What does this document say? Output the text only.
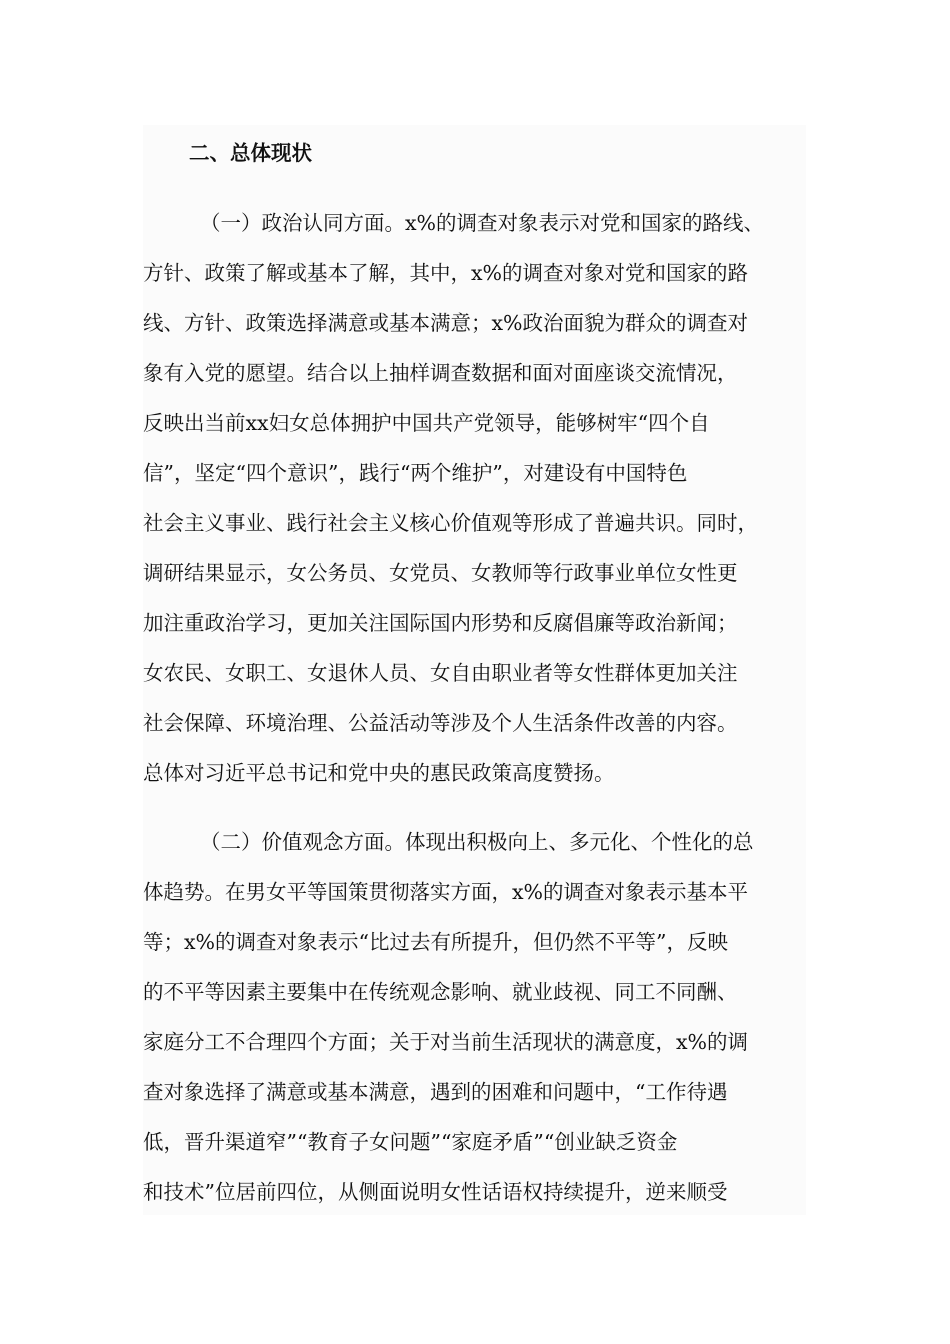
二、总体现状
（一）政治认同方面。x%的调查对象表示对党和国家的路线、
方针、政策了解或基本了解，其中，x%的调查对象对党和国家的路
线、方针、政策选择满意或基本满意；x%政治面貌为群众的调查对
象有入党的愿望。结合以上抽样调查数据和面对面座谈交流情况，
反映出当前xx妇女总体拥护中国共产党领导，能够树牢“四个自
信”，坚定“四个意识”，践行“两个维护”，对建设有中国特色
社会主义事业、践行社会主义核心价值观等形成了普遍共识。同时，
调研结果显示，女公务员、女党员、女教师等行政事业单位女性更
加注重政治学习，更加关注国际国内形势和反腐倡廉等政治新闻；
女农民、女职工、女退休人员、女自由职业者等女性群体更加关注
社会保障、环境治理、公益活动等涉及个人生活条件改善的内容。
总体对习近平总书记和党中央的惠民政策高度赞扬。
（二）价值观念方面。体现出积极向上、多元化、个性化的总
体趋势。在男女平等国策贯彻落实方面，x%的调查对象表示基本平
等；x%的调查对象表示“比过去有所提升，但仍然不平等”，反映
的不平等因素主要集中在传统观念影响、就业歧视、同工不同酬、
家庭分工不合理四个方面；关于对当前生活现状的满意度，x%的调
查对象选择了满意或基本满意，遇到的困难和问题中，“工作待遇
低，晋升渠道窄”“教育子女问题”“家庭矛盾”“创业缺乏资金
和技术”位居前四位，从侧面说明女性话语权持续提升，逆来顺受
